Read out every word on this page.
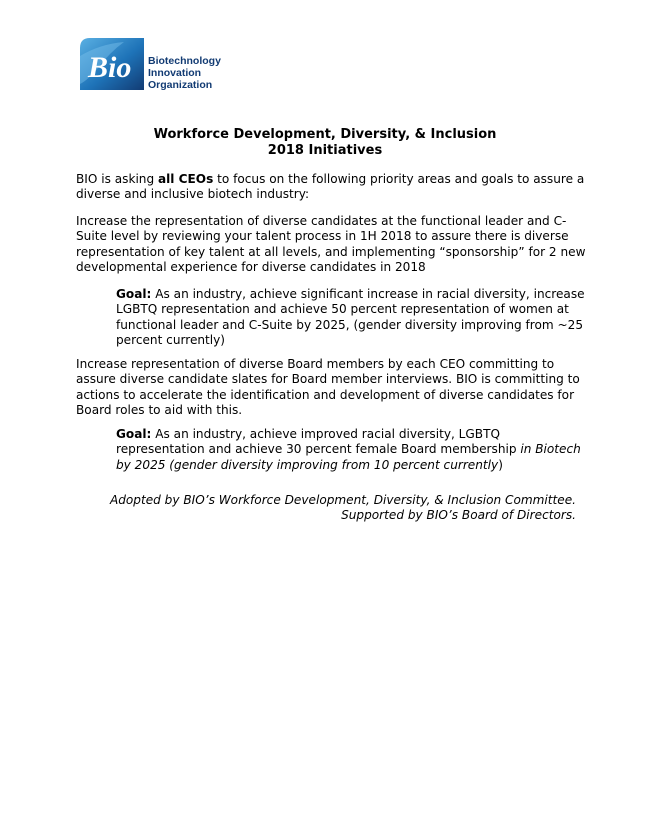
Bio Biotechnology
Innovation
Organization
Workforce Development, Diversity, & Inclusion
2018 Initiatives

BIO is asking all CEOs to focus on the following priority areas and goals to assure a diverse and inclusive biotech industry:

Increase the representation of diverse candidates at the functional leader and C-Suite level by reviewing your talent process in 1H 2018 to assure there is diverse representation of key talent at all levels, and implementing “sponsorship” for 2 new developmental experience for diverse candidates in 2018

Goal: As an industry, achieve significant increase in racial diversity, increase LGBTQ representation and achieve 50 percent representation of women at functional leader and C-Suite by 2025, (gender diversity improving from ~25 percent currently)

Increase representation of diverse Board members by each CEO committing to assure diverse candidate slates for Board member interviews. BIO is committing to actions to accelerate the identification and development of diverse candidates for Board roles to aid with this.

Goal: As an industry, achieve improved racial diversity, LGBTQ representation and achieve 30 percent female Board membership in Biotech by 2025 (gender diversity improving from 10 percent currently)

Adopted by BIO’s Workforce Development, Diversity, & Inclusion Committee.
Supported by BIO’s Board of Directors.
